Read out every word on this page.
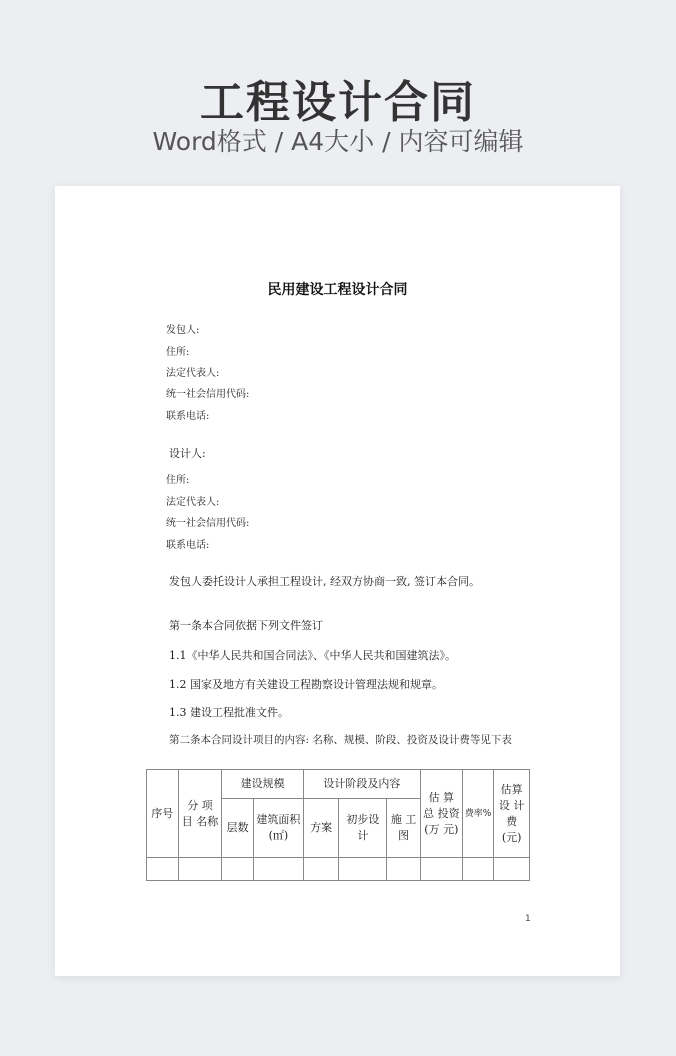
工程设计合同
Word格式 / A4大小 / 内容可编辑
民用建设工程设计合同
发包人:
住所:
法定代表人:
统一社会信用代码:
联系电话:
设计人:
住所:
法定代表人:
统一社会信用代码:
联系电话:
发包人委托设计人承担工程设计, 经双方协商一致, 签订本合同。
第一条本合同依据下列文件签订
1.1《中华人民共和国合同法》、《中华人民共和国建筑法》。
1.2 国家及地方有关建设工程勘察设计管理法规和规章。
1.3 建设工程批准文件。
第二条本合同设计项目的内容: 名称、规模、阶段、投资及设计费等见下表
序号	分 项 目 名称	建设规模		设计阶段及内容			估 算 总 投资(万 元)	费率%	估算设 计 费 (元)
		层数	建筑面积(㎡)	方案	初步设计	施 工 图			

1
